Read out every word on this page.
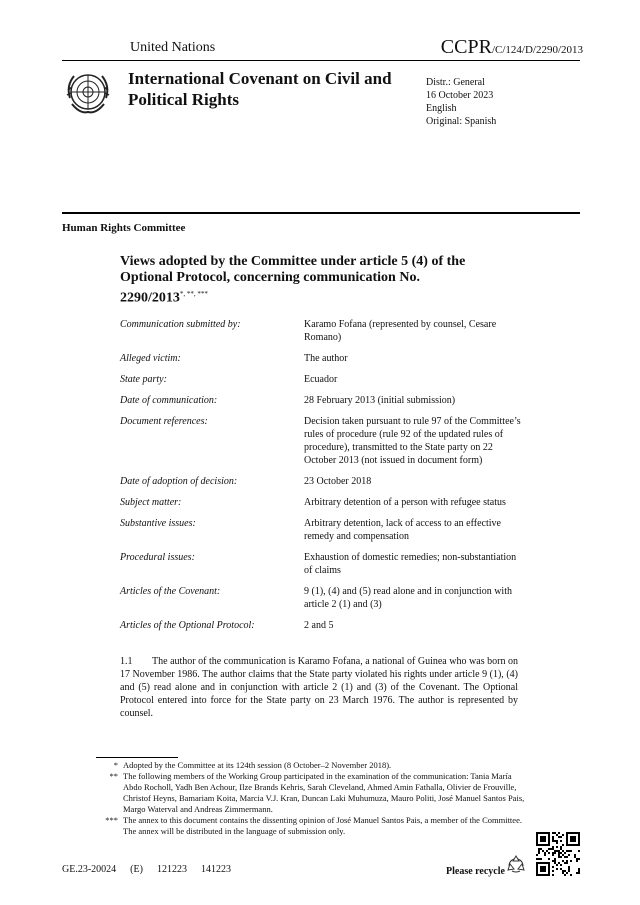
United Nations	CCPR/C/124/D/2290/2013
International Covenant on Civil and Political Rights
Distr.: General
16 October 2023
English
Original: Spanish
Human Rights Committee
Views adopted by the Committee under article 5 (4) of the Optional Protocol, concerning communication No. 2290/2013*, **, ***
Communication submitted by:	Karamo Fofana (represented by counsel, Cesare Romano)
Alleged victim:	The author
State party:	Ecuador
Date of communication:	28 February 2013 (initial submission)
Document references:	Decision taken pursuant to rule 97 of the Committee’s rules of procedure (rule 92 of the updated rules of procedure), transmitted to the State party on 22 October 2013 (not issued in document form)
Date of adoption of decision:	23 October 2018
Subject matter:	Arbitrary detention of a person with refugee status
Substantive issues:	Arbitrary detention, lack of access to an effective remedy and compensation
Procedural issues:	Exhaustion of domestic remedies; non-substantiation of claims
Articles of the Covenant:	9 (1), (4) and (5) read alone and in conjunction with article 2 (1) and (3)
Articles of the Optional Protocol:	2 and 5
1.1 The author of the communication is Karamo Fofana, a national of Guinea who was born on 17 November 1986. The author claims that the State party violated his rights under article 9 (1), (4) and (5) read alone and in conjunction with article 2 (1) and (3) of the Covenant. The Optional Protocol entered into force for the State party on 23 March 1976. The author is represented by counsel.
* Adopted by the Committee at its 124th session (8 October–2 November 2018).
** The following members of the Working Group participated in the examination of the communication: Tania María Abdo Rocholl, Yadh Ben Achour, Ilze Brands Kehris, Sarah Cleveland, Ahmed Amin Fathalla, Olivier de Frouville, Christof Heyns, Bamariam Koita, Marcia V.J. Kran, Duncan Laki Muhumuza, Mauro Politi, José Manuel Santos Pais, Margo Waterval and Andreas Zimmermann.
*** The annex to this document contains the dissenting opinion of José Manuel Santos Pais, a member of the Committee. The annex will be distributed in the language of submission only.
GE.23-20024 (E) 121223 141223	Please recycle
